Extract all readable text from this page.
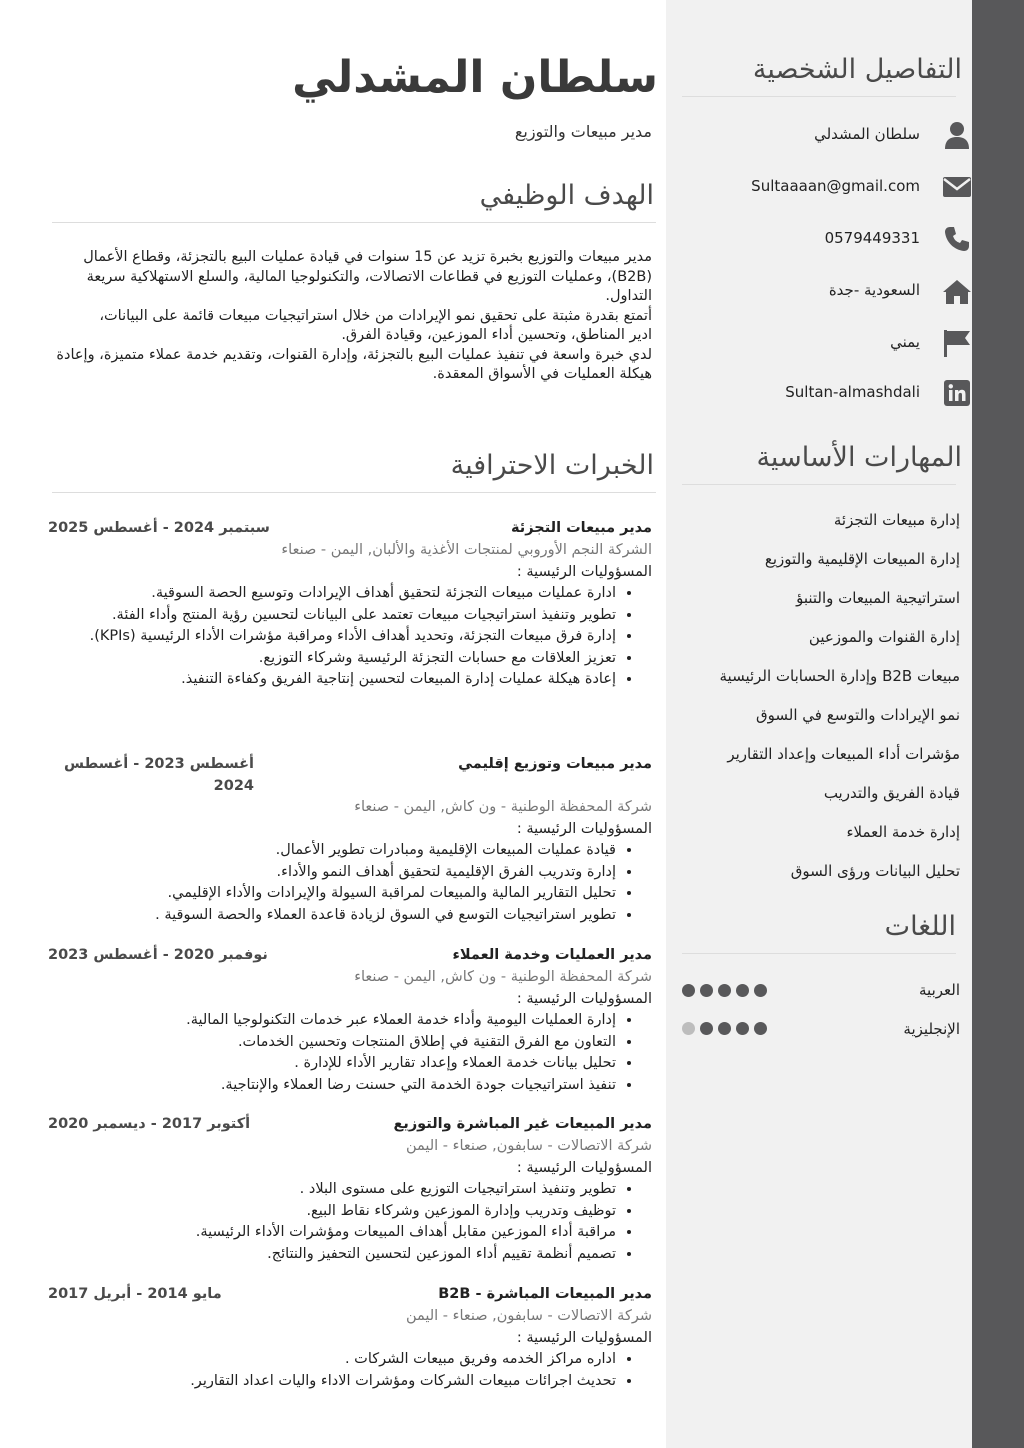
سلطان المشدلي
مدير مبيعات والتوزيع
الهدف الوظيفي

مدير مبيعات والتوزيع بخبرة تزيد عن 15 سنوات في قيادة عمليات البيع بالتجزئة، وقطاع الأعمال (B2B)، وعمليات التوزيع في قطاعات الاتصالات، والتكنولوجيا المالية، والسلع الاستهلاكية سريعة التداول.

أتمتع بقدرة مثبتة على تحقيق نمو الإيرادات من خلال استراتيجيات مبيعات قائمة على البيانات،

ادير المناطق، وتحسين أداء الموزعين، وقيادة الفرق.

لدي خبرة واسعة في تنفيذ عمليات البيع بالتجزئة، وإدارة القنوات، وتقديم خدمة عملاء متميزة، وإعادة هيكلة العمليات في الأسواق المعقدة.

الخبرات الاحترافية
مدير مبيعات التجزئة
سبتمبر 2024 - أغسطس 2025
الشركة النجم الأوروبي لمنتجات الأغذية والألبان, اليمن - صنعاء
المسؤوليات الرئيسية :
• ادارة عمليات مبيعات التجزئة لتحقيق أهداف الإيرادات وتوسيع الحصة السوقية.
• تطوير وتنفيذ استراتيجيات مبيعات تعتمد على البيانات لتحسين رؤية المنتج وأداء الفئة.
• إدارة فرق مبيعات التجزئة، وتحديد أهداف الأداء ومراقبة مؤشرات الأداء الرئيسية (KPIs).
• تعزيز العلاقات مع حسابات التجزئة الرئيسية وشركاء التوزيع.
• إعادة هيكلة عمليات إدارة المبيعات لتحسين إنتاجية الفريق وكفاءة التنفيذ.
مدير مبيعات وتوزيع إقليمي
أغسطس 2023 - أغسطس 2024
شركة المحفظة الوطنية - ون كاش, اليمن - صنعاء
المسؤوليات الرئيسية :
• قيادة عمليات المبيعات الإقليمية ومبادرات تطوير الأعمال.
• إدارة وتدريب الفرق الإقليمية لتحقيق أهداف النمو والأداء.
• تحليل التقارير المالية والمبيعات لمراقبة السيولة والإيرادات والأداء الإقليمي.
• تطوير استراتيجيات التوسع في السوق لزيادة قاعدة العملاء والحصة السوقية .
مدير العمليات وخدمة العملاء
نوفمبر 2020 - أغسطس 2023
شركة المحفظة الوطنية - ون كاش, اليمن - صنعاء
المسؤوليات الرئيسية :
• إدارة العمليات اليومية وأداء خدمة العملاء عبر خدمات التكنولوجيا المالية.
• التعاون مع الفرق التقنية في إطلاق المنتجات وتحسين الخدمات.
• تحليل بيانات خدمة العملاء وإعداد تقارير الأداء للإدارة .
• تنفيذ استراتيجيات جودة الخدمة التي حسنت رضا العملاء والإنتاجية.
مدير المبيعات غير المباشرة والتوزيع
أكتوبر 2017 - ديسمبر 2020
شركة الاتصالات - سابفون, صنعاء - اليمن
المسؤوليات الرئيسية :
• تطوير وتنفيذ استراتيجيات التوزيع على مستوى البلاد .
• توظيف وتدريب وإدارة الموزعين وشركاء نقاط البيع.
• مراقبة أداء الموزعين مقابل أهداف المبيعات ومؤشرات الأداء الرئيسية.
• تصميم أنظمة تقييم أداء الموزعين لتحسين التحفيز والنتائج.
مدير المبيعات المباشرة - B2B
مايو 2014 - أبريل 2017
شركة الاتصالات - سابفون, صنعاء - اليمن
المسؤوليات الرئيسية :
• اداره مراكز الخدمه وفريق مبيعات الشركات .
• تحديث اجرائات مبيعات الشركات ومؤشرات الاداء واليات اعداد التقارير.
التفاصيل الشخصية
سلطان المشدلي
Sultaaaan@gmail.com
0579449331
السعودية -جدة
يمني
Sultan-almashdali
المهارات الأساسية
إدارة مبيعات التجزئة
إدارة المبيعات الإقليمية والتوزيع
استراتيجية المبيعات والتنبؤ
إدارة القنوات والموزعين
مبيعات B2B وإدارة الحسابات الرئيسية
نمو الإيرادات والتوسع في السوق
مؤشرات أداء المبيعات وإعداد التقارير
قيادة الفريق والتدريب
إدارة خدمة العملاء
تحليل البيانات ورؤى السوق
اللغات
العربية
الإنجليزية
